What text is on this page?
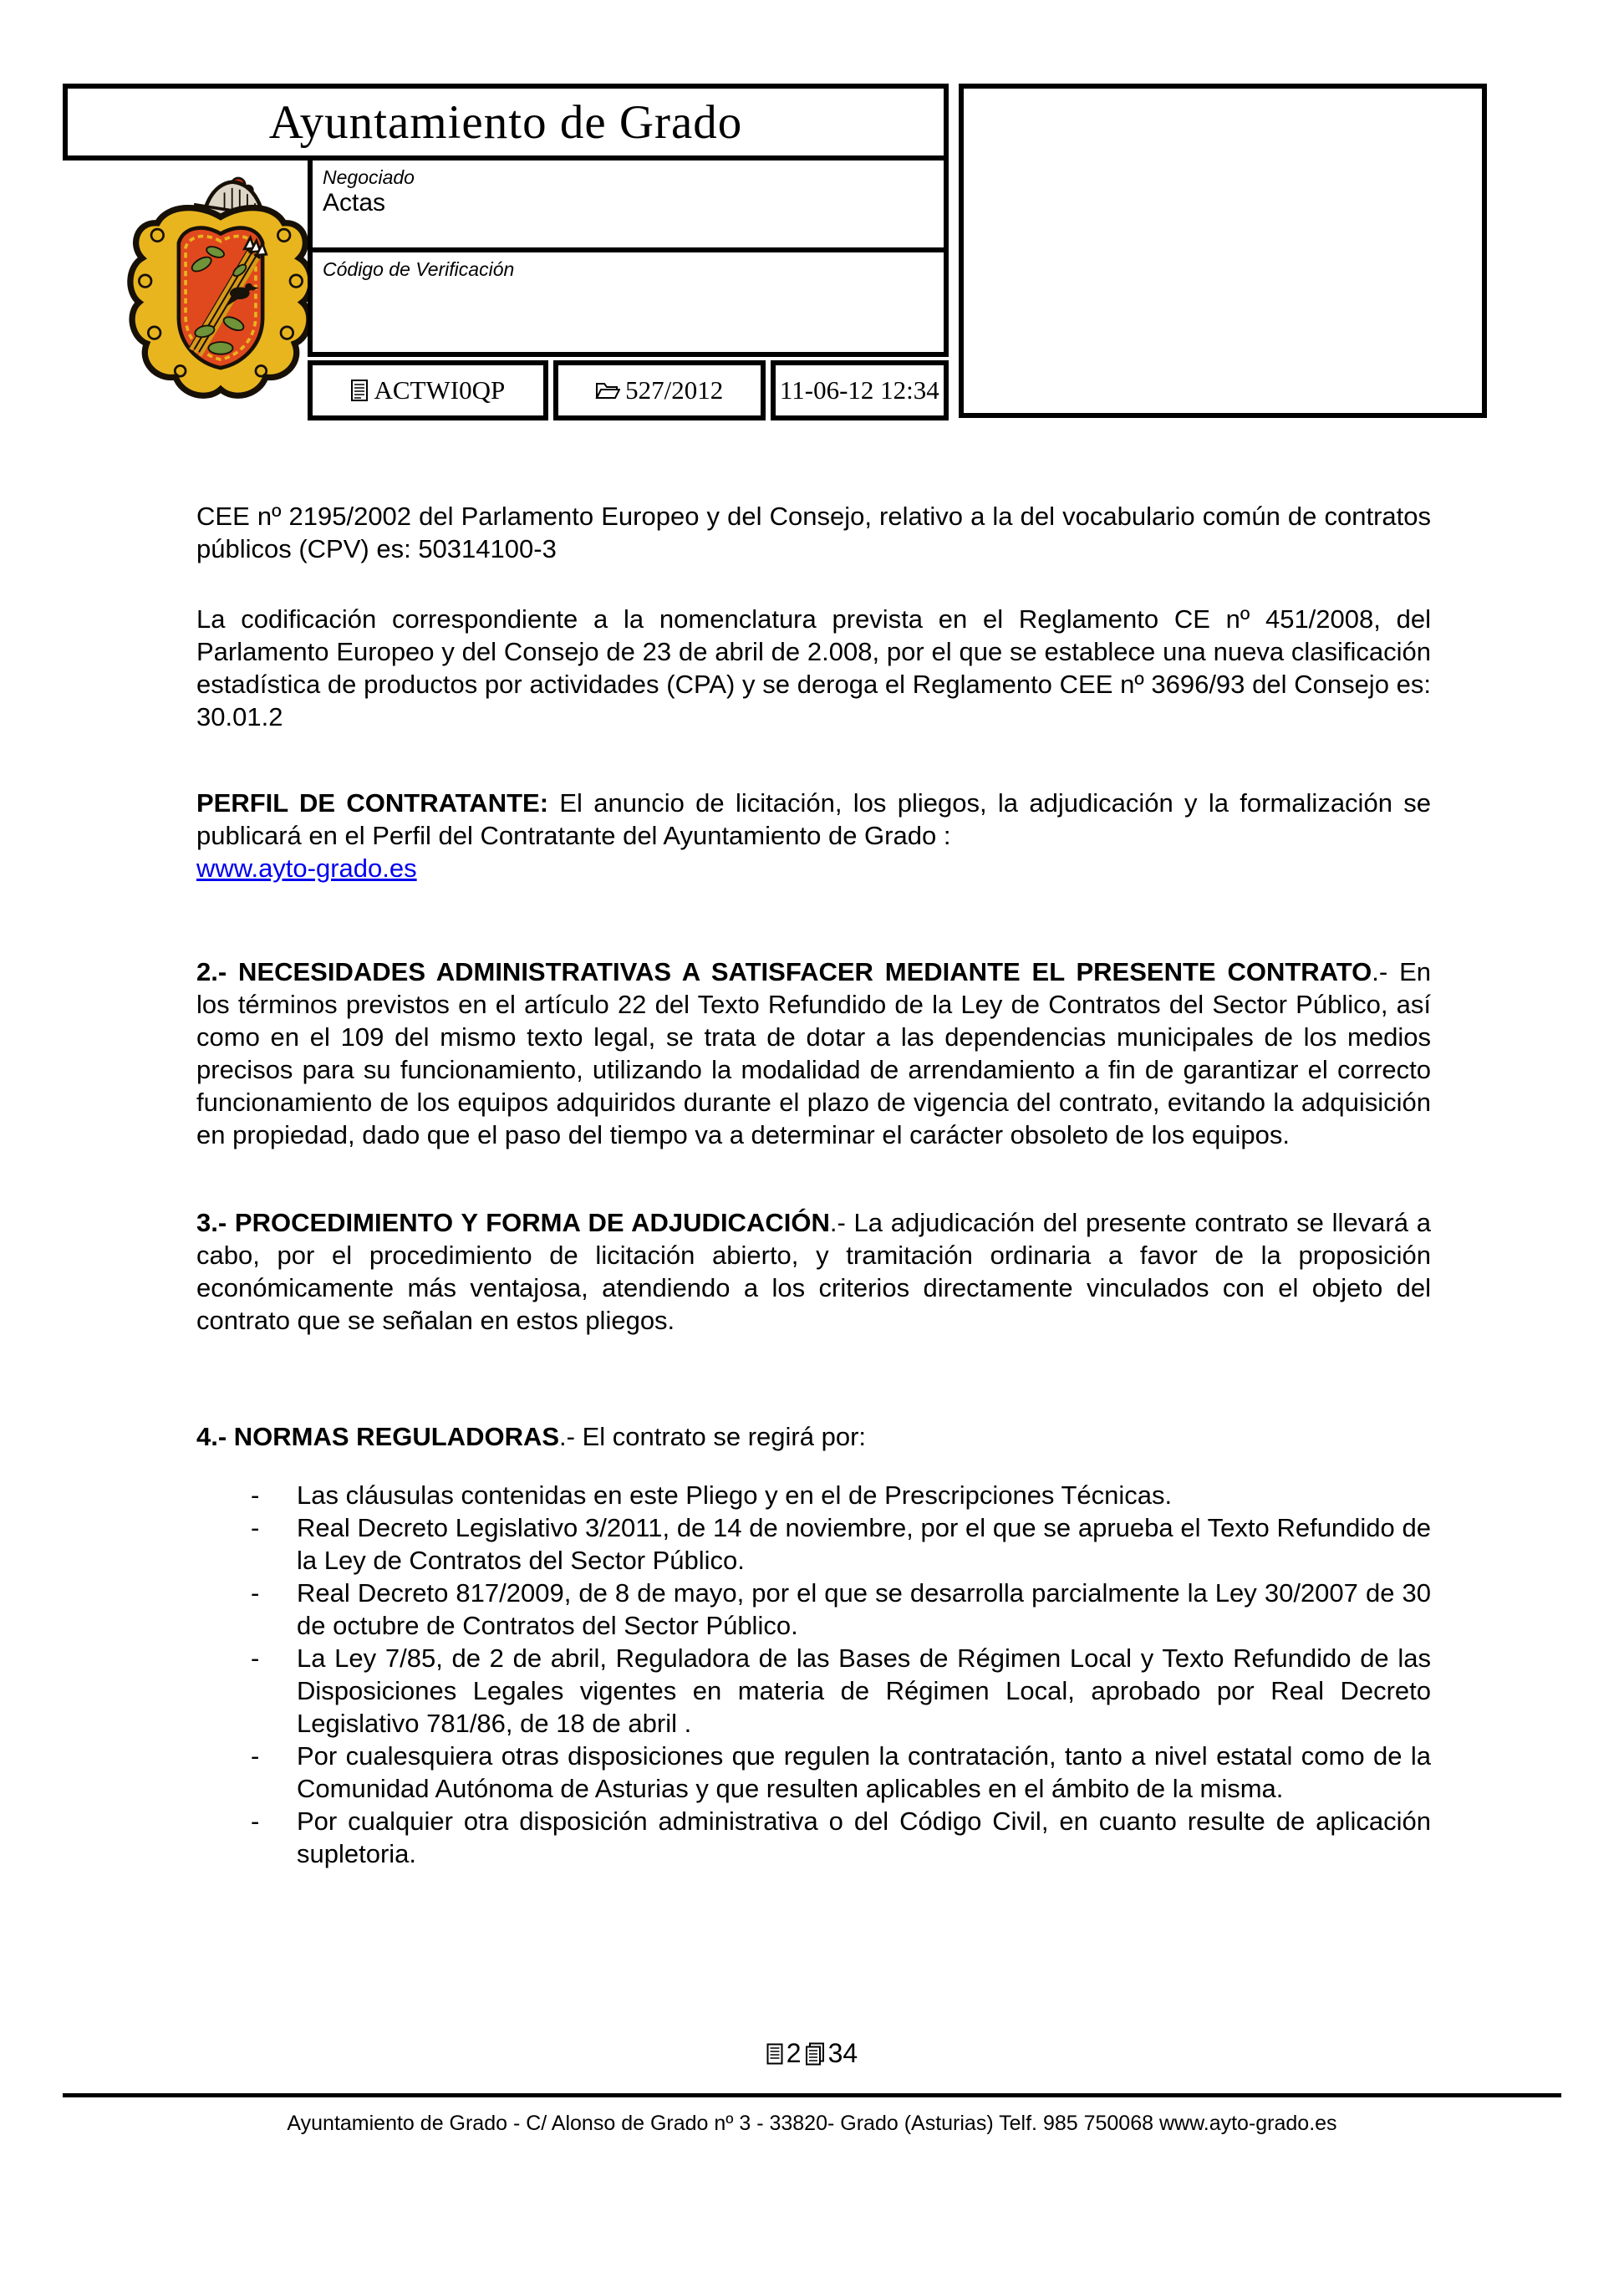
Ayuntamiento de Grado
Negociado
Actas
Código de Verificación
ACTWI0QP	527/2012 11-06-12 12:34

CEE nº 2195/2002 del Parlamento Europeo y del Consejo, relativo a la del vocabulario común de contratos públicos (CPV) es: 50314100-3

La codificación correspondiente a la nomenclatura prevista en el Reglamento CE nº 451/2008, del Parlamento Europeo y del Consejo de 23 de abril de 2.008, por el que se establece una nueva clasificación estadística de productos por actividades (CPA) y se deroga el Reglamento CEE nº 3696/93 del Consejo es: 30.01.2

PERFIL DE CONTRATANTE: El anuncio de licitación, los pliegos, la adjudicación y la formalización se publicará en el Perfil del Contratante del Ayuntamiento de Grado :
www.ayto-grado.es

2.- NECESIDADES ADMINISTRATIVAS A SATISFACER MEDIANTE EL PRESENTE CONTRATO.- En los términos previstos en el artículo 22 del Texto Refundido de la Ley de Contratos del Sector Público, así como en el 109 del mismo texto legal, se trata de dotar a las dependencias municipales de los medios precisos para su funcionamiento, utilizando la modalidad de arrendamiento a fin de garantizar el correcto funcionamiento de los equipos adquiridos durante el plazo de vigencia del contrato, evitando la adquisición en propiedad, dado que el paso del tiempo va a determinar el carácter obsoleto de los equipos.

3.- PROCEDIMIENTO Y FORMA DE ADJUDICACIÓN.- La adjudicación del presente contrato se llevará a cabo, por el procedimiento de licitación abierto, y tramitación ordinaria a favor de la proposición económicamente más ventajosa, atendiendo a los criterios directamente vinculados con el objeto del contrato que se señalan en estos pliegos.

4.- NORMAS REGULADORAS.- El contrato se regirá por:

- Las cláusulas contenidas en este Pliego y en el de Prescripciones Técnicas.
- Real Decreto Legislativo 3/2011, de 14 de noviembre, por el que se aprueba el Texto Refundido de la Ley de Contratos del Sector Público.
- Real Decreto 817/2009, de 8 de mayo, por el que se desarrolla parcialmente la Ley 30/2007 de 30 de octubre de Contratos del Sector Público.
- La Ley 7/85, de 2 de abril, Reguladora de las Bases de Régimen Local y Texto Refundido de las Disposiciones Legales vigentes en materia de Régimen Local, aprobado por Real Decreto Legislativo 781/86, de 18 de abril .
- Por cualesquiera otras disposiciones que regulen la contratación, tanto a nivel estatal como de la Comunidad Autónoma de Asturias y que resulten aplicables en el ámbito de la misma.
- Por cualquier otra disposición administrativa o del Código Civil, en cuanto resulte de aplicación supletoria.
2 34
Ayuntamiento de Grado - C/ Alonso de Grado nº 3 - 33820- Grado (Asturias) Telf. 985 750068 www.ayto-grado.es
